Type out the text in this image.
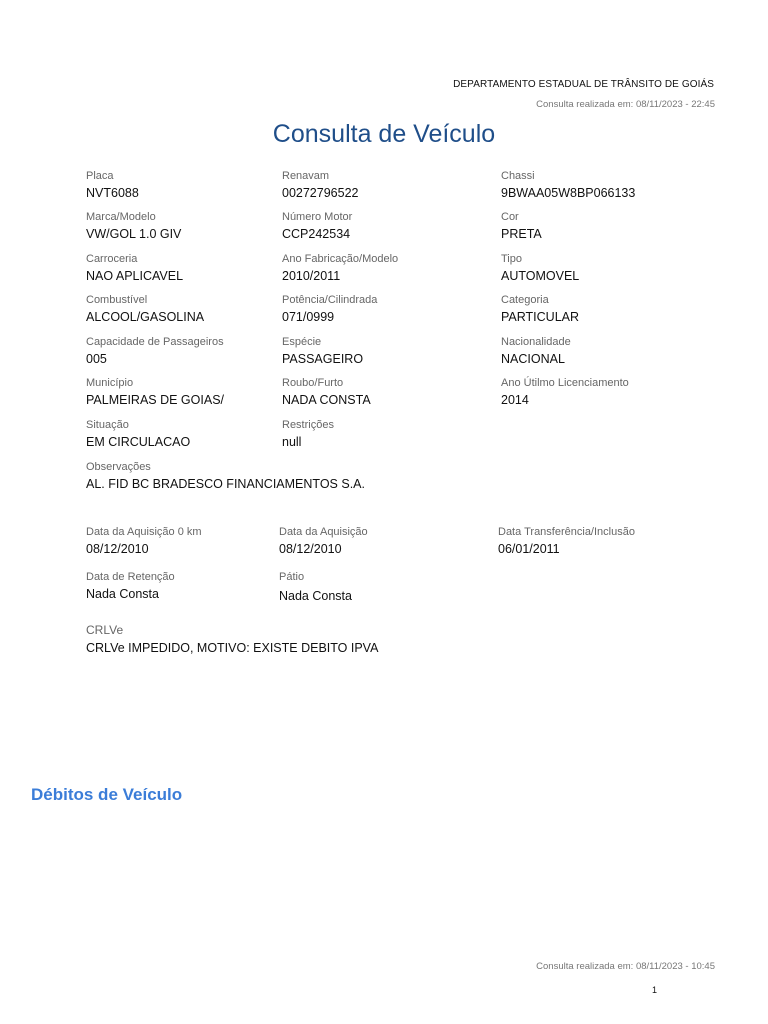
DEPARTAMENTO ESTADUAL DE TRÂNSITO DE GOIÁS
Consulta realizada em: 08/11/2023 - 22:45
Consulta de Veículo
Placa
NVT6088
Renavam
00272796522
Chassi
9BWAA05W8BP066133
Marca/Modelo
VW/GOL 1.0 GIV
Número Motor
CCP242534
Cor
PRETA
Carroceria
NAO APLICAVEL
Ano Fabricação/Modelo
2010/2011
Tipo
AUTOMOVEL
Combustível
ALCOOL/GASOLINA
Potência/Cilindrada
071/0999
Categoria
PARTICULAR
Capacidade de Passageiros
005
Espécie
PASSAGEIRO
Nacionalidade
NACIONAL
Município
PALMEIRAS DE GOIAS/
Roubo/Furto
NADA CONSTA
Ano Útilmo Licenciamento
2014
Situação
EM CIRCULACAO
Restrições
null
Observações
AL. FID BC BRADESCO FINANCIAMENTOS S.A.
Data da Aquisição 0 km
08/12/2010
Data da Aquisição
08/12/2010
Data Transferência/Inclusão
06/01/2011
Data de Retenção
Nada Consta
Pátio
Nada Consta
CRLVe
CRLVe IMPEDIDO, MOTIVO: EXISTE DEBITO IPVA
Débitos de Veículo
Consulta realizada em: 08/11/2023 - 10:45
1
